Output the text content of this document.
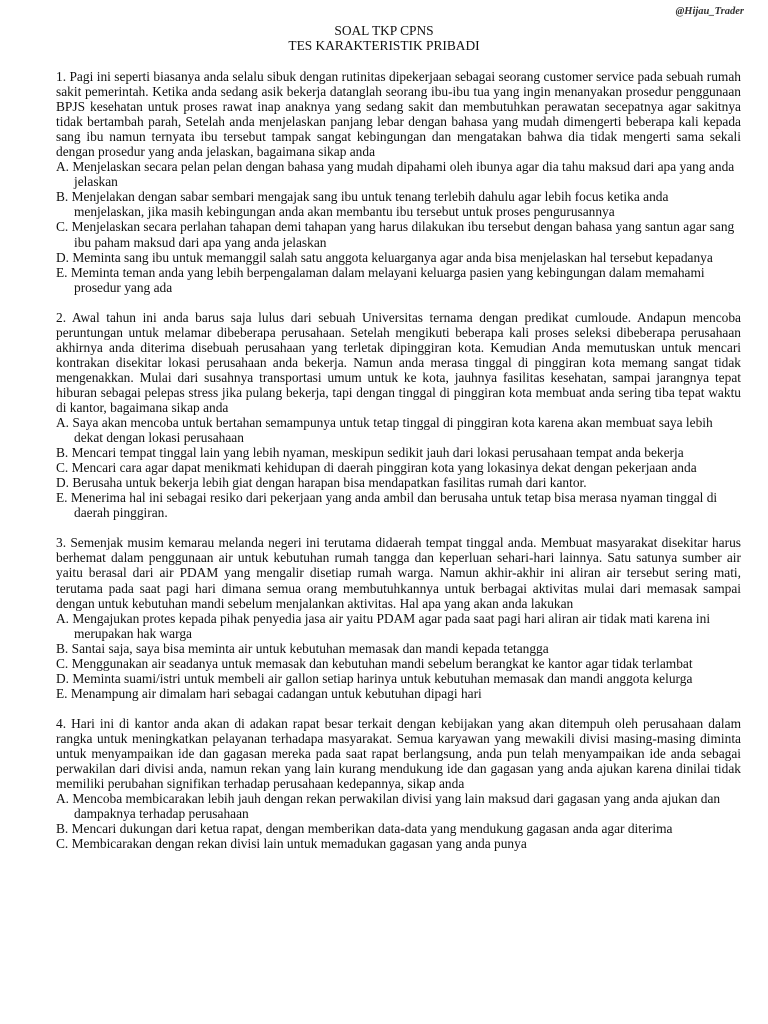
@Hijau_Trader
SOAL TKP CPNS
TES KARAKTERISTIK PRIBADI
1. Pagi ini seperti biasanya anda selalu sibuk dengan rutinitas dipekerjaan sebagai seorang customer service pada sebuah rumah sakit pemerintah. Ketika anda sedang asik bekerja datanglah seorang ibu-ibu tua yang ingin menanyakan prosedur penggunaan BPJS kesehatan untuk proses rawat inap anaknya yang sedang sakit dan membutuhkan perawatan secepatnya agar sakitnya tidak bertambah parah, Setelah anda menjelaskan panjang lebar dengan bahasa yang mudah dimengerti beberapa kali kepada sang ibu namun ternyata ibu tersebut tampak sangat kebingungan dan mengatakan bahwa dia tidak mengerti sama sekali dengan prosedur yang anda jelaskan, bagaimana sikap anda
A. Menjelaskan secara pelan pelan dengan bahasa yang mudah dipahami oleh ibunya agar dia tahu maksud dari apa yang anda jelaskan
B. Menjelakan dengan sabar sembari mengajak sang ibu untuk tenang terlebih dahulu agar lebih focus ketika anda menjelaskan, jika masih kebingungan anda akan membantu ibu tersebut untuk proses pengurusannya
C. Menjelaskan secara perlahan tahapan demi tahapan yang harus dilakukan ibu tersebut dengan bahasa yang santun agar sang ibu paham maksud dari apa yang anda jelaskan
D. Meminta sang ibu untuk memanggil salah satu anggota keluarganya agar anda bisa menjelaskan hal tersebut kepadanya
E. Meminta teman anda yang lebih berpengalaman dalam melayani keluarga pasien yang kebingungan dalam memahami prosedur yang ada
2. Awal tahun ini anda barus saja lulus dari sebuah Universitas ternama dengan predikat cumloude. Andapun mencoba peruntungan untuk melamar dibeberapa perusahaan. Setelah mengikuti beberapa kali proses seleksi dibeberapa perusahaan akhirnya anda diterima disebuah perusahaan yang terletak dipinggiran kota. Kemudian Anda memutuskan untuk mencari kontrakan disekitar lokasi perusahaan anda bekerja. Namun anda merasa tinggal di pinggiran kota memang sangat tidak mengenakkan. Mulai dari susahnya transportasi umum untuk ke kota, jauhnya fasilitas kesehatan, sampai jarangnya tepat hiburan sebagai pelepas stress jika pulang bekerja, tapi dengan tinggal di pinggiran kota membuat anda sering tiba tepat waktu di kantor, bagaimana sikap anda
A. Saya akan mencoba untuk bertahan semampunya untuk tetap tinggal di pinggiran kota karena akan membuat saya lebih dekat dengan lokasi perusahaan
B. Mencari tempat tinggal lain yang lebih nyaman, meskipun sedikit jauh dari lokasi perusahaan tempat anda bekerja
C. Mencari cara agar dapat menikmati kehidupan di daerah pinggiran kota yang lokasinya dekat dengan pekerjaan anda
D. Berusaha untuk bekerja lebih giat dengan harapan bisa mendapatkan fasilitas rumah dari kantor.
E. Menerima hal ini sebagai resiko dari pekerjaan yang anda ambil dan berusaha untuk tetap bisa merasa nyaman tinggal di daerah pinggiran.
3. Semenjak musim kemarau melanda negeri ini terutama didaerah tempat tinggal anda. Membuat masyarakat disekitar harus berhemat dalam penggunaan air untuk kebutuhan rumah tangga dan keperluan sehari-hari lainnya. Satu satunya sumber air yaitu berasal dari air PDAM yang mengalir disetiap rumah warga. Namun akhir-akhir ini aliran air tersebut sering mati, terutama pada saat pagi hari dimana semua orang membutuhkannya untuk berbagai aktivitas mulai dari memasak sampai dengan untuk kebutuhan mandi sebelum menjalankan aktivitas. Hal apa yang akan anda lakukan
A. Mengajukan protes kepada pihak penyedia jasa air yaitu PDAM agar pada saat pagi hari aliran air tidak mati karena ini merupakan hak warga
B. Santai saja, saya bisa meminta air untuk kebutuhan memasak dan mandi kepada tetangga
C. Menggunakan air seadanya untuk memasak dan kebutuhan mandi sebelum berangkat ke kantor agar tidak terlambat
D. Meminta suami/istri untuk membeli air gallon setiap harinya untuk kebutuhan memasak dan mandi anggota kelurga
E. Menampung air dimalam hari sebagai cadangan untuk kebutuhan dipagi hari
4. Hari ini di kantor anda akan di adakan rapat besar terkait dengan kebijakan yang akan ditempuh oleh perusahaan dalam rangka untuk meningkatkan pelayanan terhadapa masyarakat. Semua karyawan yang mewakili divisi masing-masing diminta untuk menyampaikan ide dan gagasan mereka pada saat rapat berlangsung, anda pun telah menyampaikan ide anda sebagai perwakilan dari divisi anda, namun rekan yang lain kurang mendukung ide dan gagasan yang anda ajukan karena dinilai tidak memiliki perubahan signifikan terhadap perusahaan kedepannya, sikap anda
A. Mencoba membicarakan lebih jauh dengan rekan perwakilan divisi yang lain maksud dari gagasan yang anda ajukan dan dampaknya terhadap perusahaan
B. Mencari dukungan dari ketua rapat, dengan memberikan data-data yang mendukung gagasan anda agar diterima
C. Membicarakan dengan rekan divisi lain untuk memadukan gagasan yang anda punya
